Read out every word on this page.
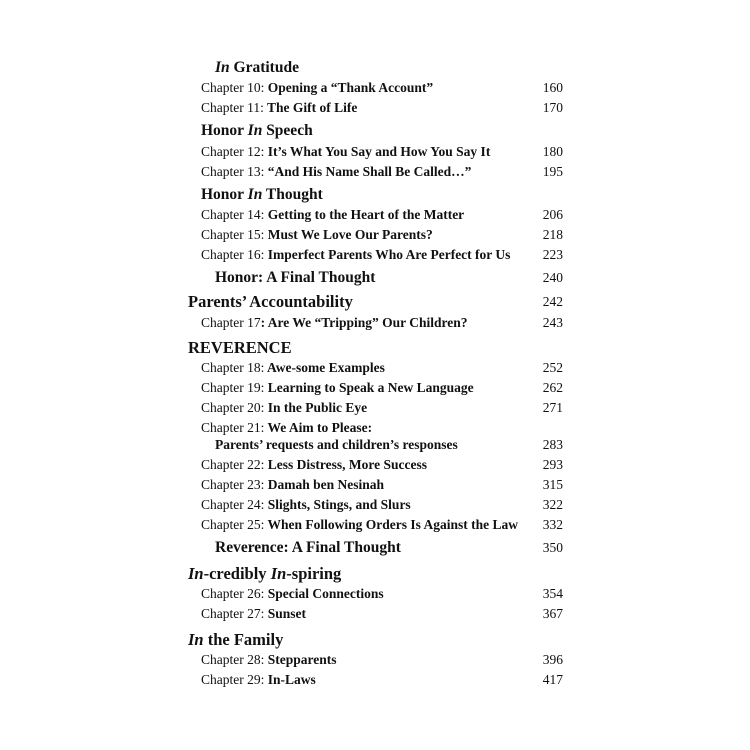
In Gratitude
Chapter 10: Opening a “Thank Account”	160
Chapter 11: The Gift of Life	170
Honor In Speech
Chapter 12: It’s What You Say and How You Say It	180
Chapter 13: “And His Name Shall Be Called…”	195
Honor In Thought
Chapter 14: Getting to the Heart of the Matter	206
Chapter 15: Must We Love Our Parents?	218
Chapter 16: Imperfect Parents Who Are Perfect for Us	223
Honor: A Final Thought	240
Parents’ Accountability	242
Chapter 17: Are We “Tripping” Our Children?	243
REVERENCE
Chapter 18: Awe-some Examples	252
Chapter 19: Learning to Speak a New Language	262
Chapter 20: In the Public Eye	271
Chapter 21: We Aim to Please:
Parents’ requests and children’s responses	283
Chapter 22: Less Distress, More Success	293
Chapter 23: Damah ben Nesinah	315
Chapter 24: Slights, Stings, and Slurs	322
Chapter 25: When Following Orders Is Against the Law	332
Reverence: A Final Thought	350
In-credibly In-spiring
Chapter 26: Special Connections	354
Chapter 27: Sunset	367
In the Family
Chapter 28: Stepparents	396
Chapter 29: In-Laws	417
